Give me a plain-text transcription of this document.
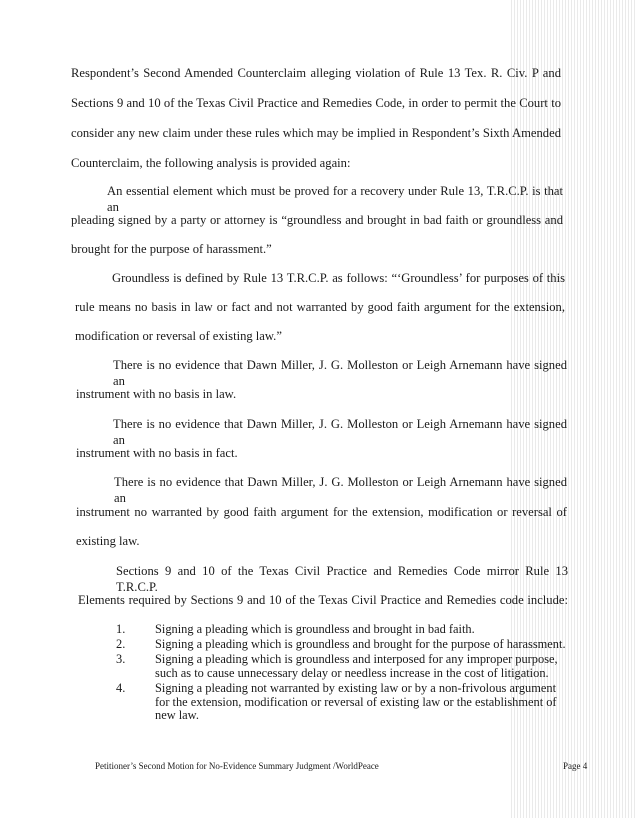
Respondent’s Second Amended Counterclaim alleging violation of Rule 13 Tex. R. Civ. P and
Sections 9 and 10 of the Texas Civil Practice and Remedies Code, in order to permit the Court to
consider any new claim under these rules which may be implied in Respondent’s Sixth Amended
Counterclaim, the following analysis is provided again:
An essential element which must be proved for a recovery under Rule 13, T.R.C.P. is that an
pleading signed by a party or attorney is “groundless and brought in bad faith or groundless and
brought for the purpose of harassment.”
Groundless is defined by Rule 13 T.R.C.P. as follows: “‘Groundless’ for purposes of this
rule means no basis in law or fact and not warranted by good faith argument for the extension,
modification or reversal of existing law.”
There is no evidence that Dawn Miller, J. G. Molleston or Leigh Arnemann have signed an
instrument with no basis in law.
There is no evidence that Dawn Miller, J. G. Molleston or Leigh Arnemann have signed an
instrument with no basis in fact.
There is no evidence that Dawn Miller, J. G. Molleston or Leigh Arnemann have signed an
instrument no warranted by good faith argument for the extension, modification or reversal of
existing law.
Sections 9 and 10 of the Texas Civil Practice and Remedies Code mirror Rule 13 T.R.C.P.
Elements required by Sections 9 and 10 of the Texas Civil Practice and Remedies code include:
1. Signing a pleading which is groundless and brought in bad faith.
2. Signing a pleading which is groundless and brought for the purpose of harassment.
3. Signing a pleading which is groundless and interposed for any improper purpose, such as to cause unnecessary delay or needless increase in the cost of litigation.
4. Signing a pleading not warranted by existing law or by a non-frivolous argument for the extension, modification or reversal of existing law or the establishment of new law.
Petitioner’s Second Motion for No-Evidence Summary Judgment /WorldPeace	Page 4
